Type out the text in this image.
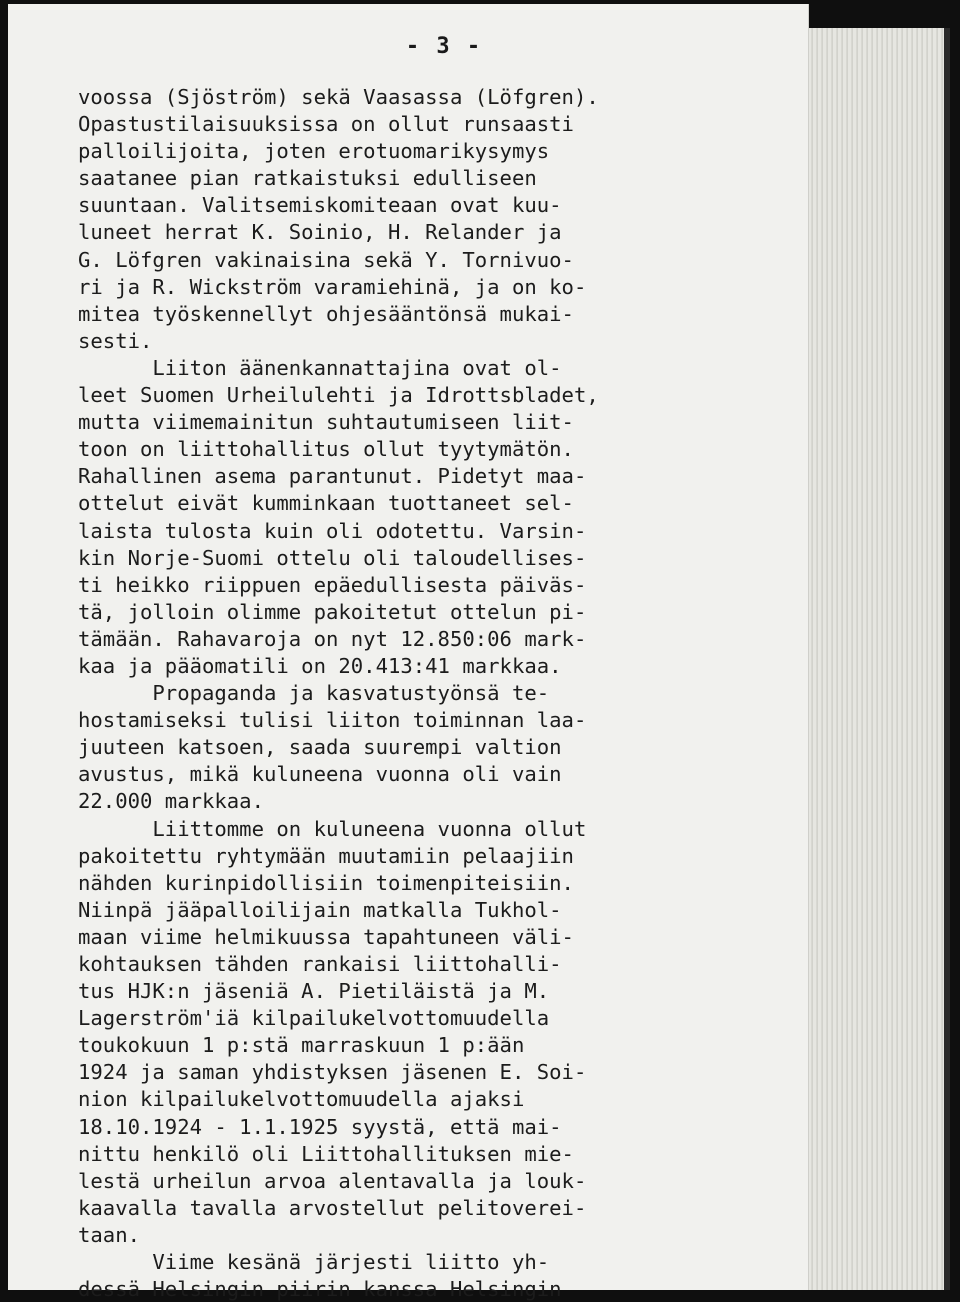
- 3 -
voossa (Sjöström) sekä Vaasassa (Löfgren).
Opastustilaisuuksissa on ollut runsaasti
palloilijoita, joten erotuomarikysymys
saatanee pian ratkaistuksi edulliseen
suuntaan. Valitsemiskomiteaan ovat kuu-
luneet herrat K. Soinio, H. Relander ja
G. Löfgren vakinaisina sekä Y. Tornivuo-
ri ja R. Wickström varamiehinä, ja on ko-
mitea työskennellyt ohjesääntönsä mukai-
sesti.
Liiton äänenkannattajina ovat ol-
leet Suomen Urheilulehti ja Idrottsbladet,
mutta viimemainitun suhtautumiseen liit-
toon on liittohallitus ollut tyytymätön.
Rahallinen asema parantunut. Pidetyt maa-
ottelut eivät kumminkaan tuottaneet sel-
laista tulosta kuin oli odotettu. Varsin-
kin Norje-Suomi ottelu oli taloudellises-
ti heikko riippuen epäedullisesta päiväs-
tä, jolloin olimme pakoitetut ottelun pi-
tämään. Rahavaroja on nyt 12.850:06 mark-
kaa ja pääomatili on 20.413:41 markkaa.
Propaganda ja kasvatustyönsä te-
hostamiseksi tulisi liiton toiminnan laa-
juuteen katsoen, saada suurempi valtion
avustus, mikä kuluneena vuonna oli vain
22.000 markkaa.
Liittomme on kuluneena vuonna ollut
pakoitettu ryhtymään muutamiin pelaajiin
nähden kurinpidollisiin toimenpiteisiin.
Niinpä jääpalloilijain matkalla Tukhol-
maan viime helmikuussa tapahtuneen väli-
kohtauksen tähden rankaisi liittohalli-
tus HJK:n jäseniä A. Pietiläistä ja M.
Lagerström'iä kilpailukelvottomuudella
toukokuun 1 p:stä marraskuun 1 p:ään
1924 ja saman yhdistyksen jäsenen E. Soi-
nion kilpailukelvottomuudella ajaksi
18.10.1924 - 1.1.1925 syystä, että mai-
nittu henkilö oli Liittohallituksen mie-
lestä urheilun arvoa alentavalla ja louk-
kaavalla tavalla arvostellut pelitoverei-
taan.
Viime kesänä järjesti liitto yh-
dessä Helsingin piirin kanssa Helsingin
